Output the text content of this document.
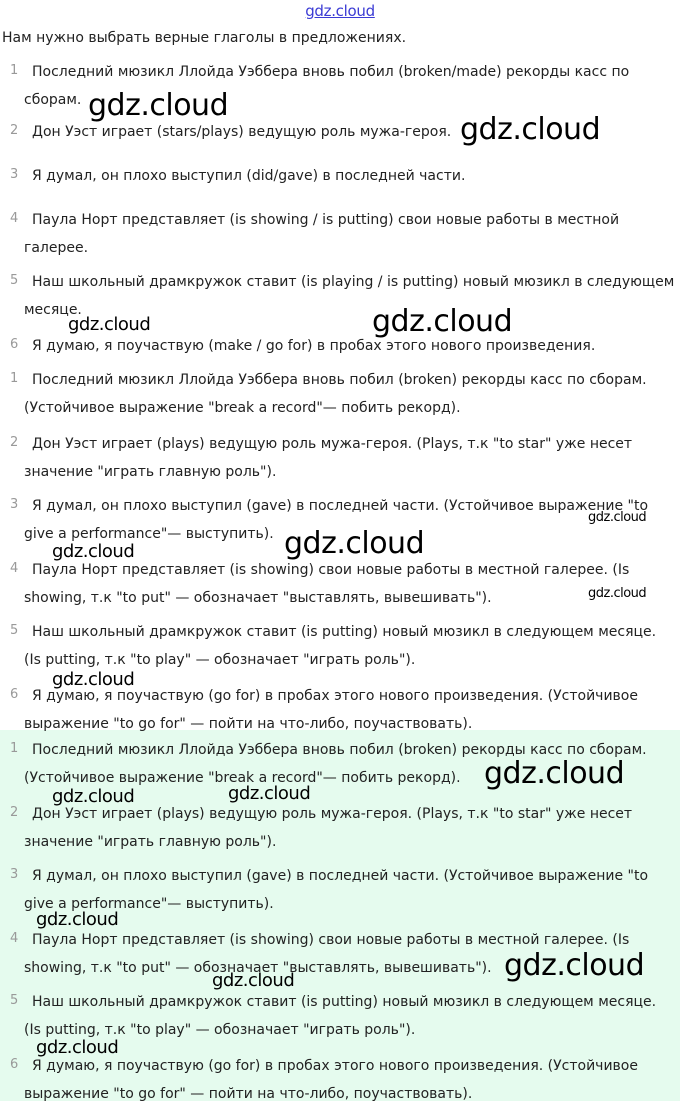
gdz.cloud
Нам нужно выбрать верные глаголы в предложениях.
1 Последний мюзикл Ллойда Уэббера вновь побил (broken/made) рекорды касс по сборам.
2 Дон Уэст играет (stars/plays) ведущую роль мужа-героя.
3 Я думал, он плохо выступил (did/gave) в последней части.
4 Паула Норт представляет (is showing / is putting) свои новые работы в местной галерее.
5 Наш школьный драмкружок ставит (is playing / is putting) новый мюзикл в следующем месяце.
6 Я думаю, я поучаствую (make / go for) в пробах этого нового произведения.
1 Последний мюзикл Ллойда Уэббера вновь побил (broken) рекорды касс по сборам. (Устойчивое выражение "break a record"— побить рекорд).
2 Дон Уэст играет (plays) ведущую роль мужа-героя. (Plays, т.к "to star" уже несет значение "играть главную роль").
3 Я думал, он плохо выступил (gave) в последней части. (Устойчивое выражение "to give a performance"— выступить).
4 Паула Норт представляет (is showing) свои новые работы в местной галерее. (Is showing, т.к "to put" — обозначает "выставлять, вывешивать").
5 Наш школьный драмкружок ставит (is putting) новый мюзикл в следующем месяце. (Is putting, т.к "to play" — обозначает "играть роль").
6 Я думаю, я поучаствую (go for) в пробах этого нового произведения. (Устойчивое выражение "to go for" — пойти на что-либо, поучаствовать).
1 Последний мюзикл Ллойда Уэббера вновь побил (broken) рекорды касс по сборам. (Устойчивое выражение "break a record"— побить рекорд).
2 Дон Уэст играет (plays) ведущую роль мужа-героя. (Plays, т.к "to star" уже несет значение "играть главную роль").
3 Я думал, он плохо выступил (gave) в последней части. (Устойчивое выражение "to give a performance"— выступить).
4 Паула Норт представляет (is showing) свои новые работы в местной галерее. (Is showing, т.к "to put" — обозначает "выставлять, вывешивать").
5 Наш школьный драмкружок ставит (is putting) новый мюзикл в следующем месяце. (Is putting, т.к "to play" — обозначает "играть роль").
6 Я думаю, я поучаствую (go for) в пробах этого нового произведения. (Устойчивое выражение "to go for" — пойти на что-либо, поучаствовать).
gdz.cloud
gdz.cloud
gdz.cloud	gdz.cloud
gdz.cloud
gdz.cloud
gdz.cloud
gdz.cloud
gdz.cloud
gdz.cloud
gdz.cloud	gdz.cloud
gdz.cloud
gdz.cloud
gdz.cloud
gdz.cloud
